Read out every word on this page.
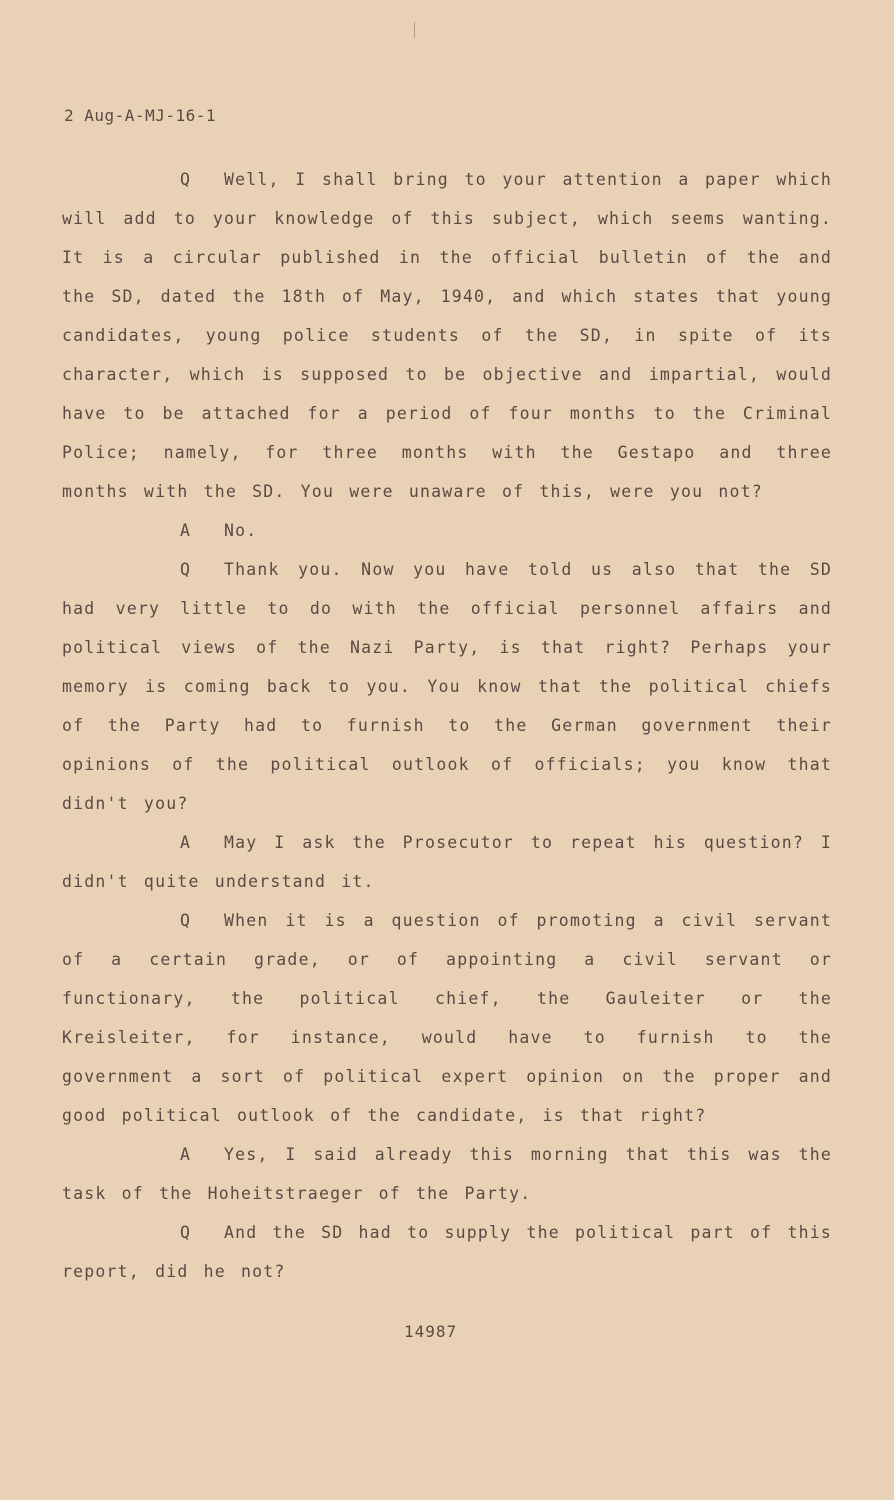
2 Aug-A-MJ-16-1

Q Well, I shall bring to your attention a paper which will add to your knowledge of this subject, which seems wanting. It is a circular published in the official bulletin of the and the SD, dated the 18th of May, 1940, and which states that young candidates, young police students of the SD, in spite of its character, which is supposed to be objective and impartial, would have to be attached for a period of four months to the Criminal Police; namely, for three months with the Gestapo and three months with the SD. You were unaware of this, were you not?

A No.

Q Thank you. Now you have told us also that the SD had very little to do with the official personnel affairs and political views of the Nazi Party, is that right? Perhaps your memory is coming back to you. You know that the political chiefs of the Party had to furnish to the German government their opinions of the political outlook of officials; you know that didn't you?

A May I ask the Prosecutor to repeat his question? I didn't quite understand it.

Q When it is a question of promoting a civil servant of a certain grade, or of appointing a civil servant or functionary, the political chief, the Gauleiter or the Kreisleiter, for instance, would have to furnish to the government a sort of political expert opinion on the proper and good political outlook of the candidate, is that right?

A Yes, I said already this morning that this was the task of the Hoheitstraeger of the Party.

Q And the SD had to supply the political part of this report, did he not?

14987
